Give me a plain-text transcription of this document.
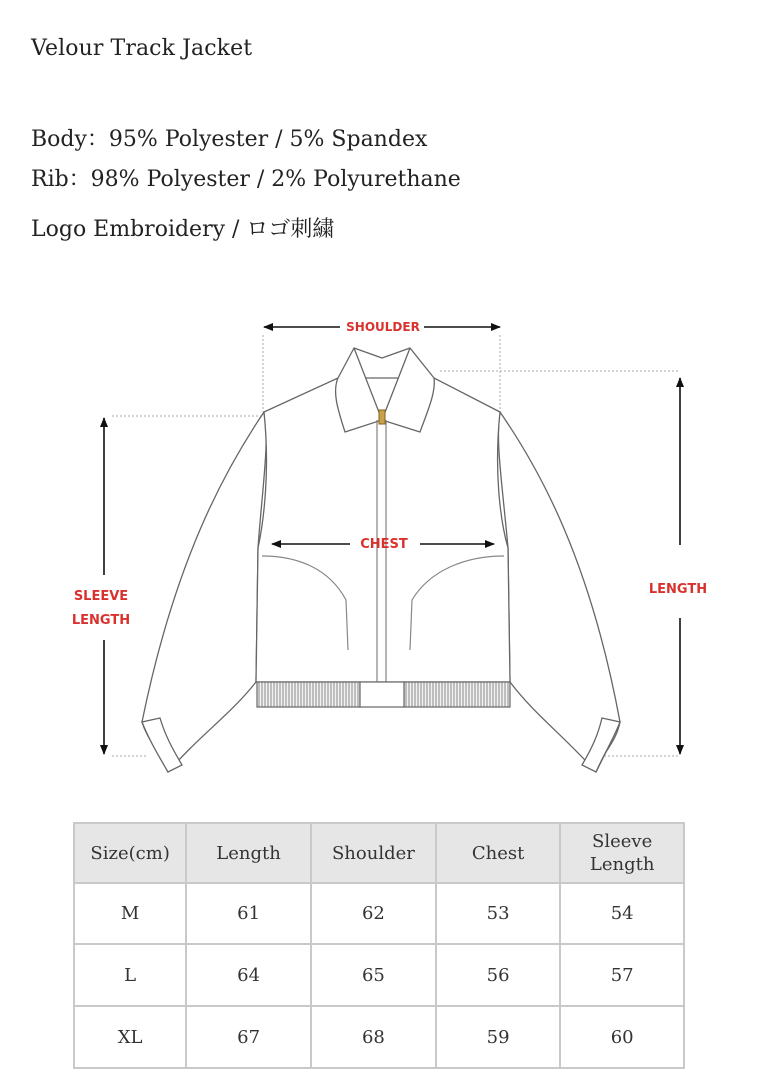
Velour Track Jacket
Body：95% Polyester / 5% Spandex
Rib：98% Polyester / 2% Polyurethane
Logo Embroidery / ロゴ刺繍
SHOULDER
CHEST
SLEEVE
LENGTH
LENGTH
Size(cm)	Length	Shoulder	Chest	Sleeve
Length
M	61	62	53	54
L	64	65	56	57
XL	67	68	59	60
